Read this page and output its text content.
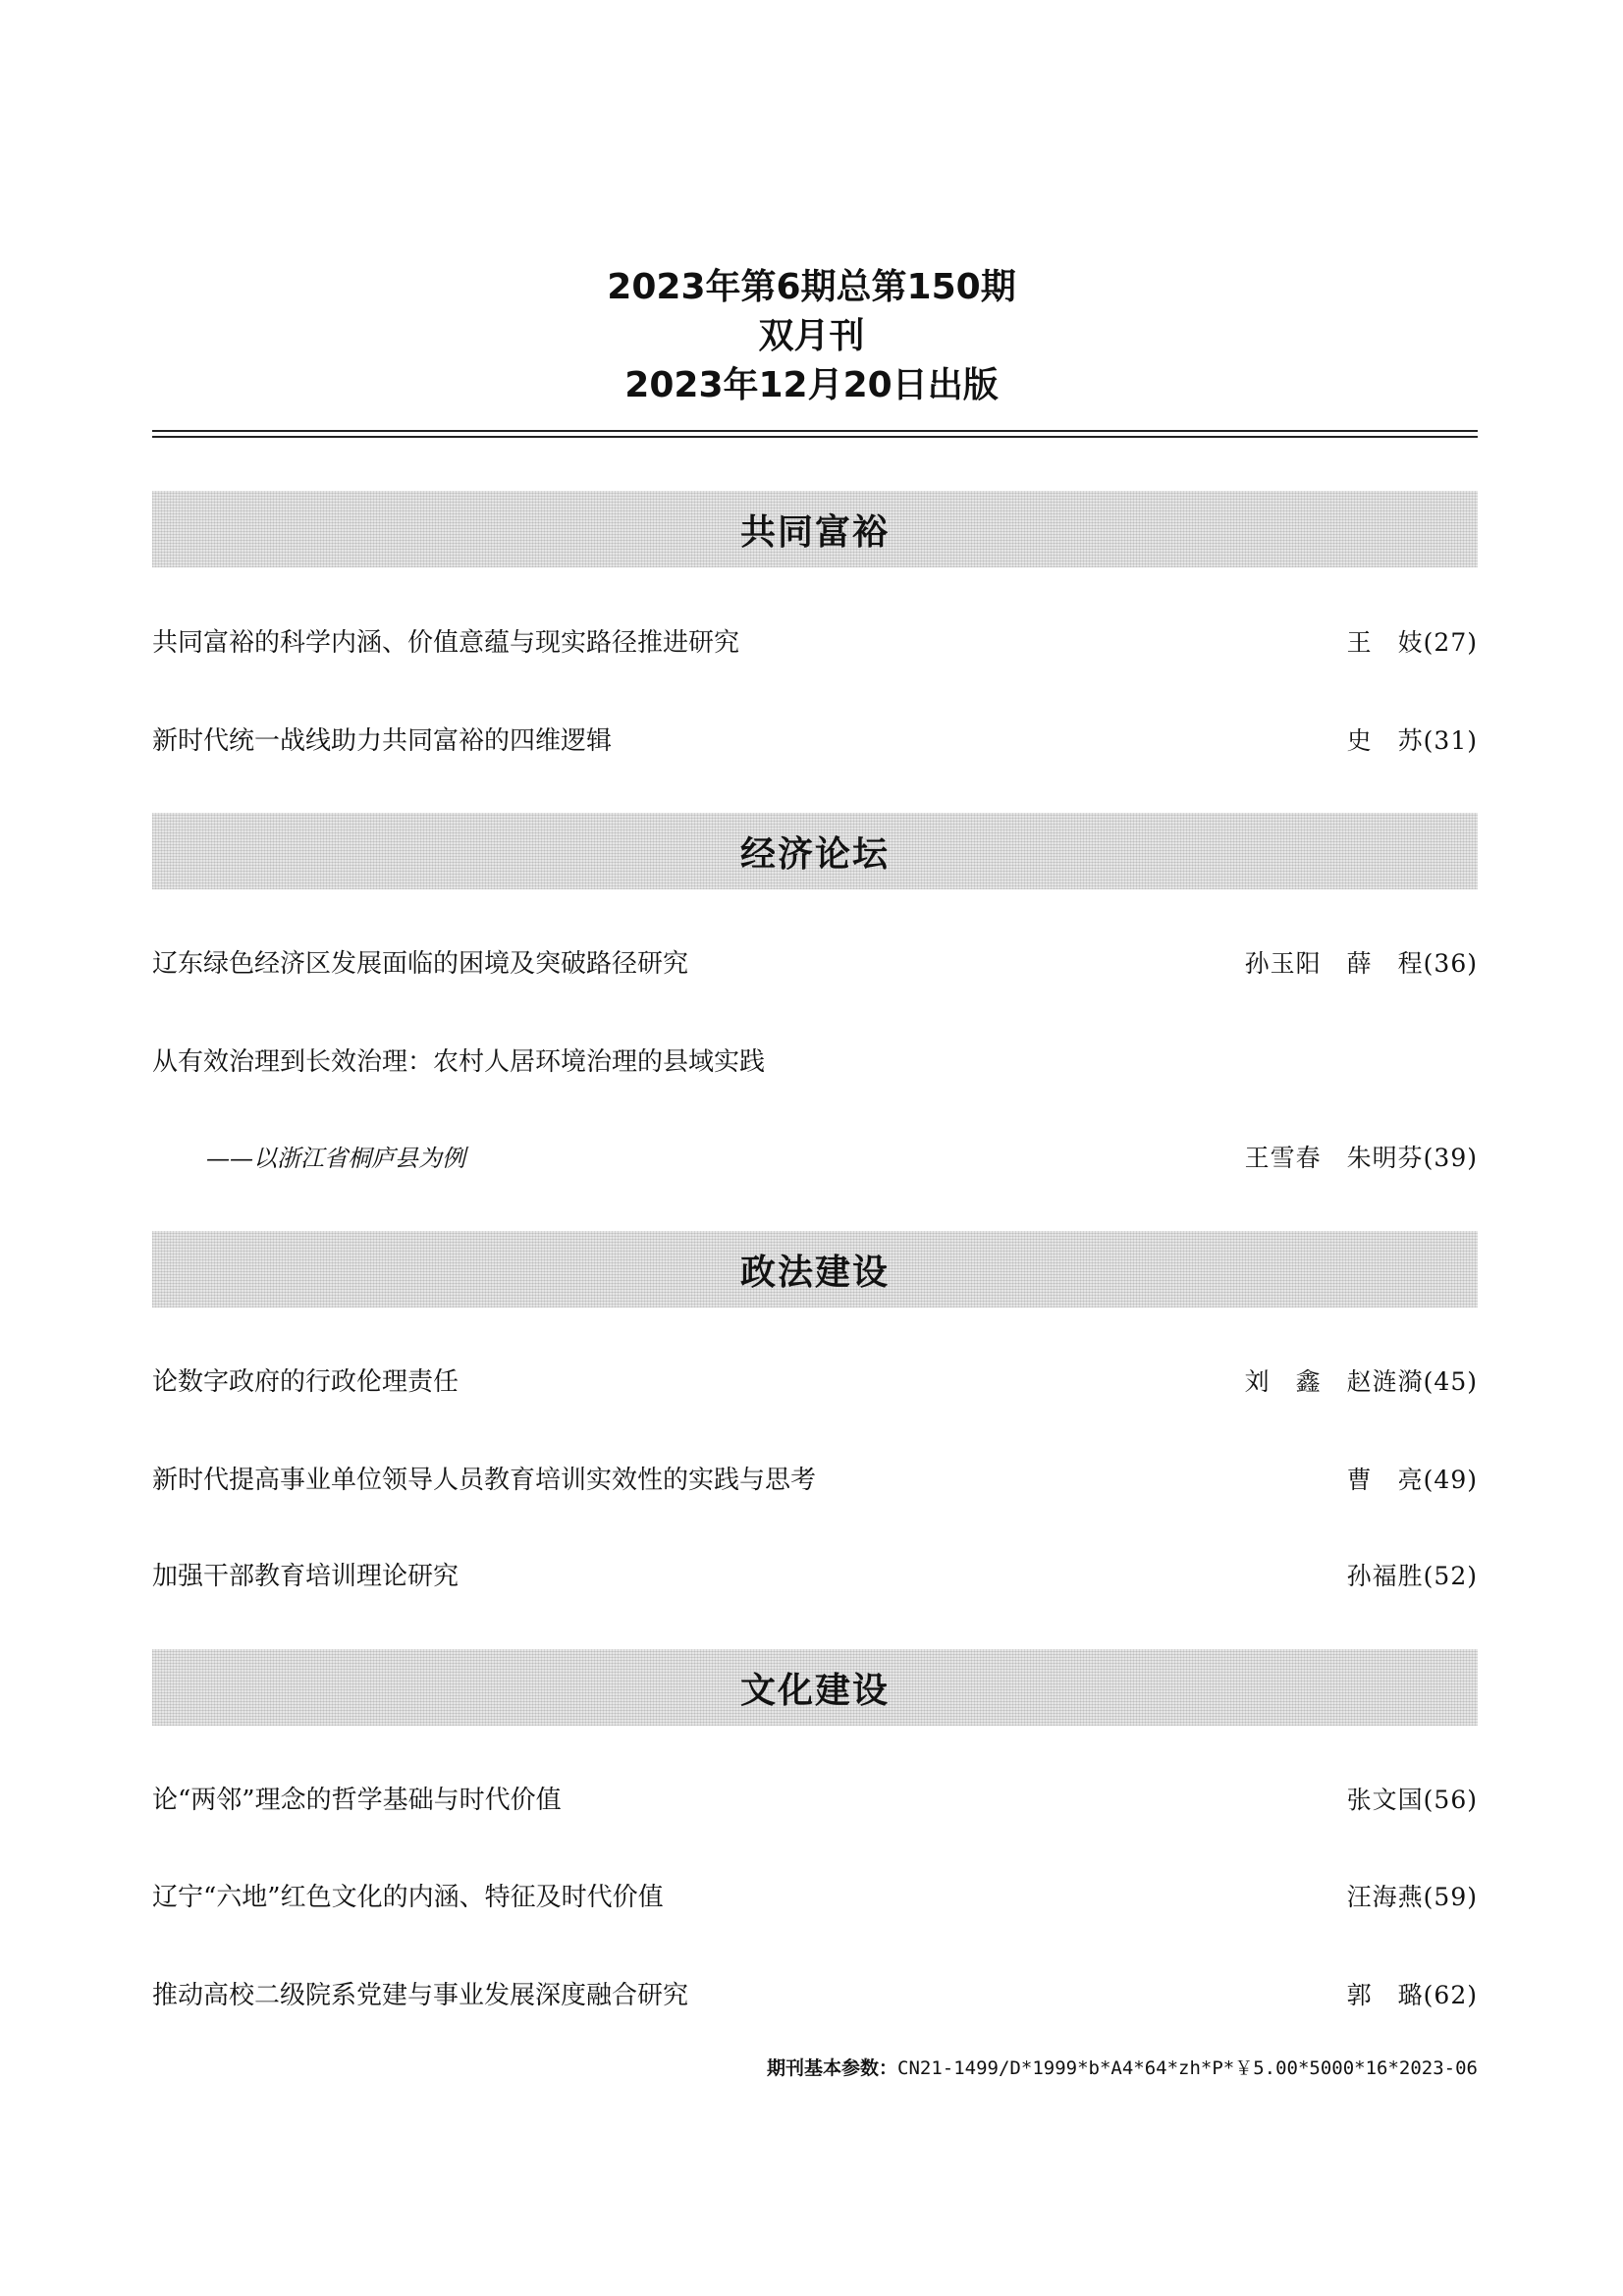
2023年第6期总第150期
双月刊
2023年12月20日出版
共同富裕
共同富裕的科学内涵、价值意蕴与现实路径推进研究	王　妓(27)
新时代统一战线助力共同富裕的四维逻辑	史　苏(31)
经济论坛
辽东绿色经济区发展面临的困境及突破路径研究	孙玉阳　薛　程(36)
从有效治理到长效治理：农村人居环境治理的县域实践
——以浙江省桐庐县为例	王雪春　朱明芬(39)
政法建设
论数字政府的行政伦理责任	刘　鑫　赵涟漪(45)
新时代提高事业单位领导人员教育培训实效性的实践与思考	曹　亮(49)
加强干部教育培训理论研究	孙福胜(52)
文化建设
论“两邻”理念的哲学基础与时代价值	张文国(56)
辽宁“六地”红色文化的内涵、特征及时代价值	汪海燕(59)
推动高校二级院系党建与事业发展深度融合研究	郭　璐(62)
期刊基本参数：CN21-1499/D*1999*b*A4*64*zh*P*￥5.00*5000*16*2023-06
